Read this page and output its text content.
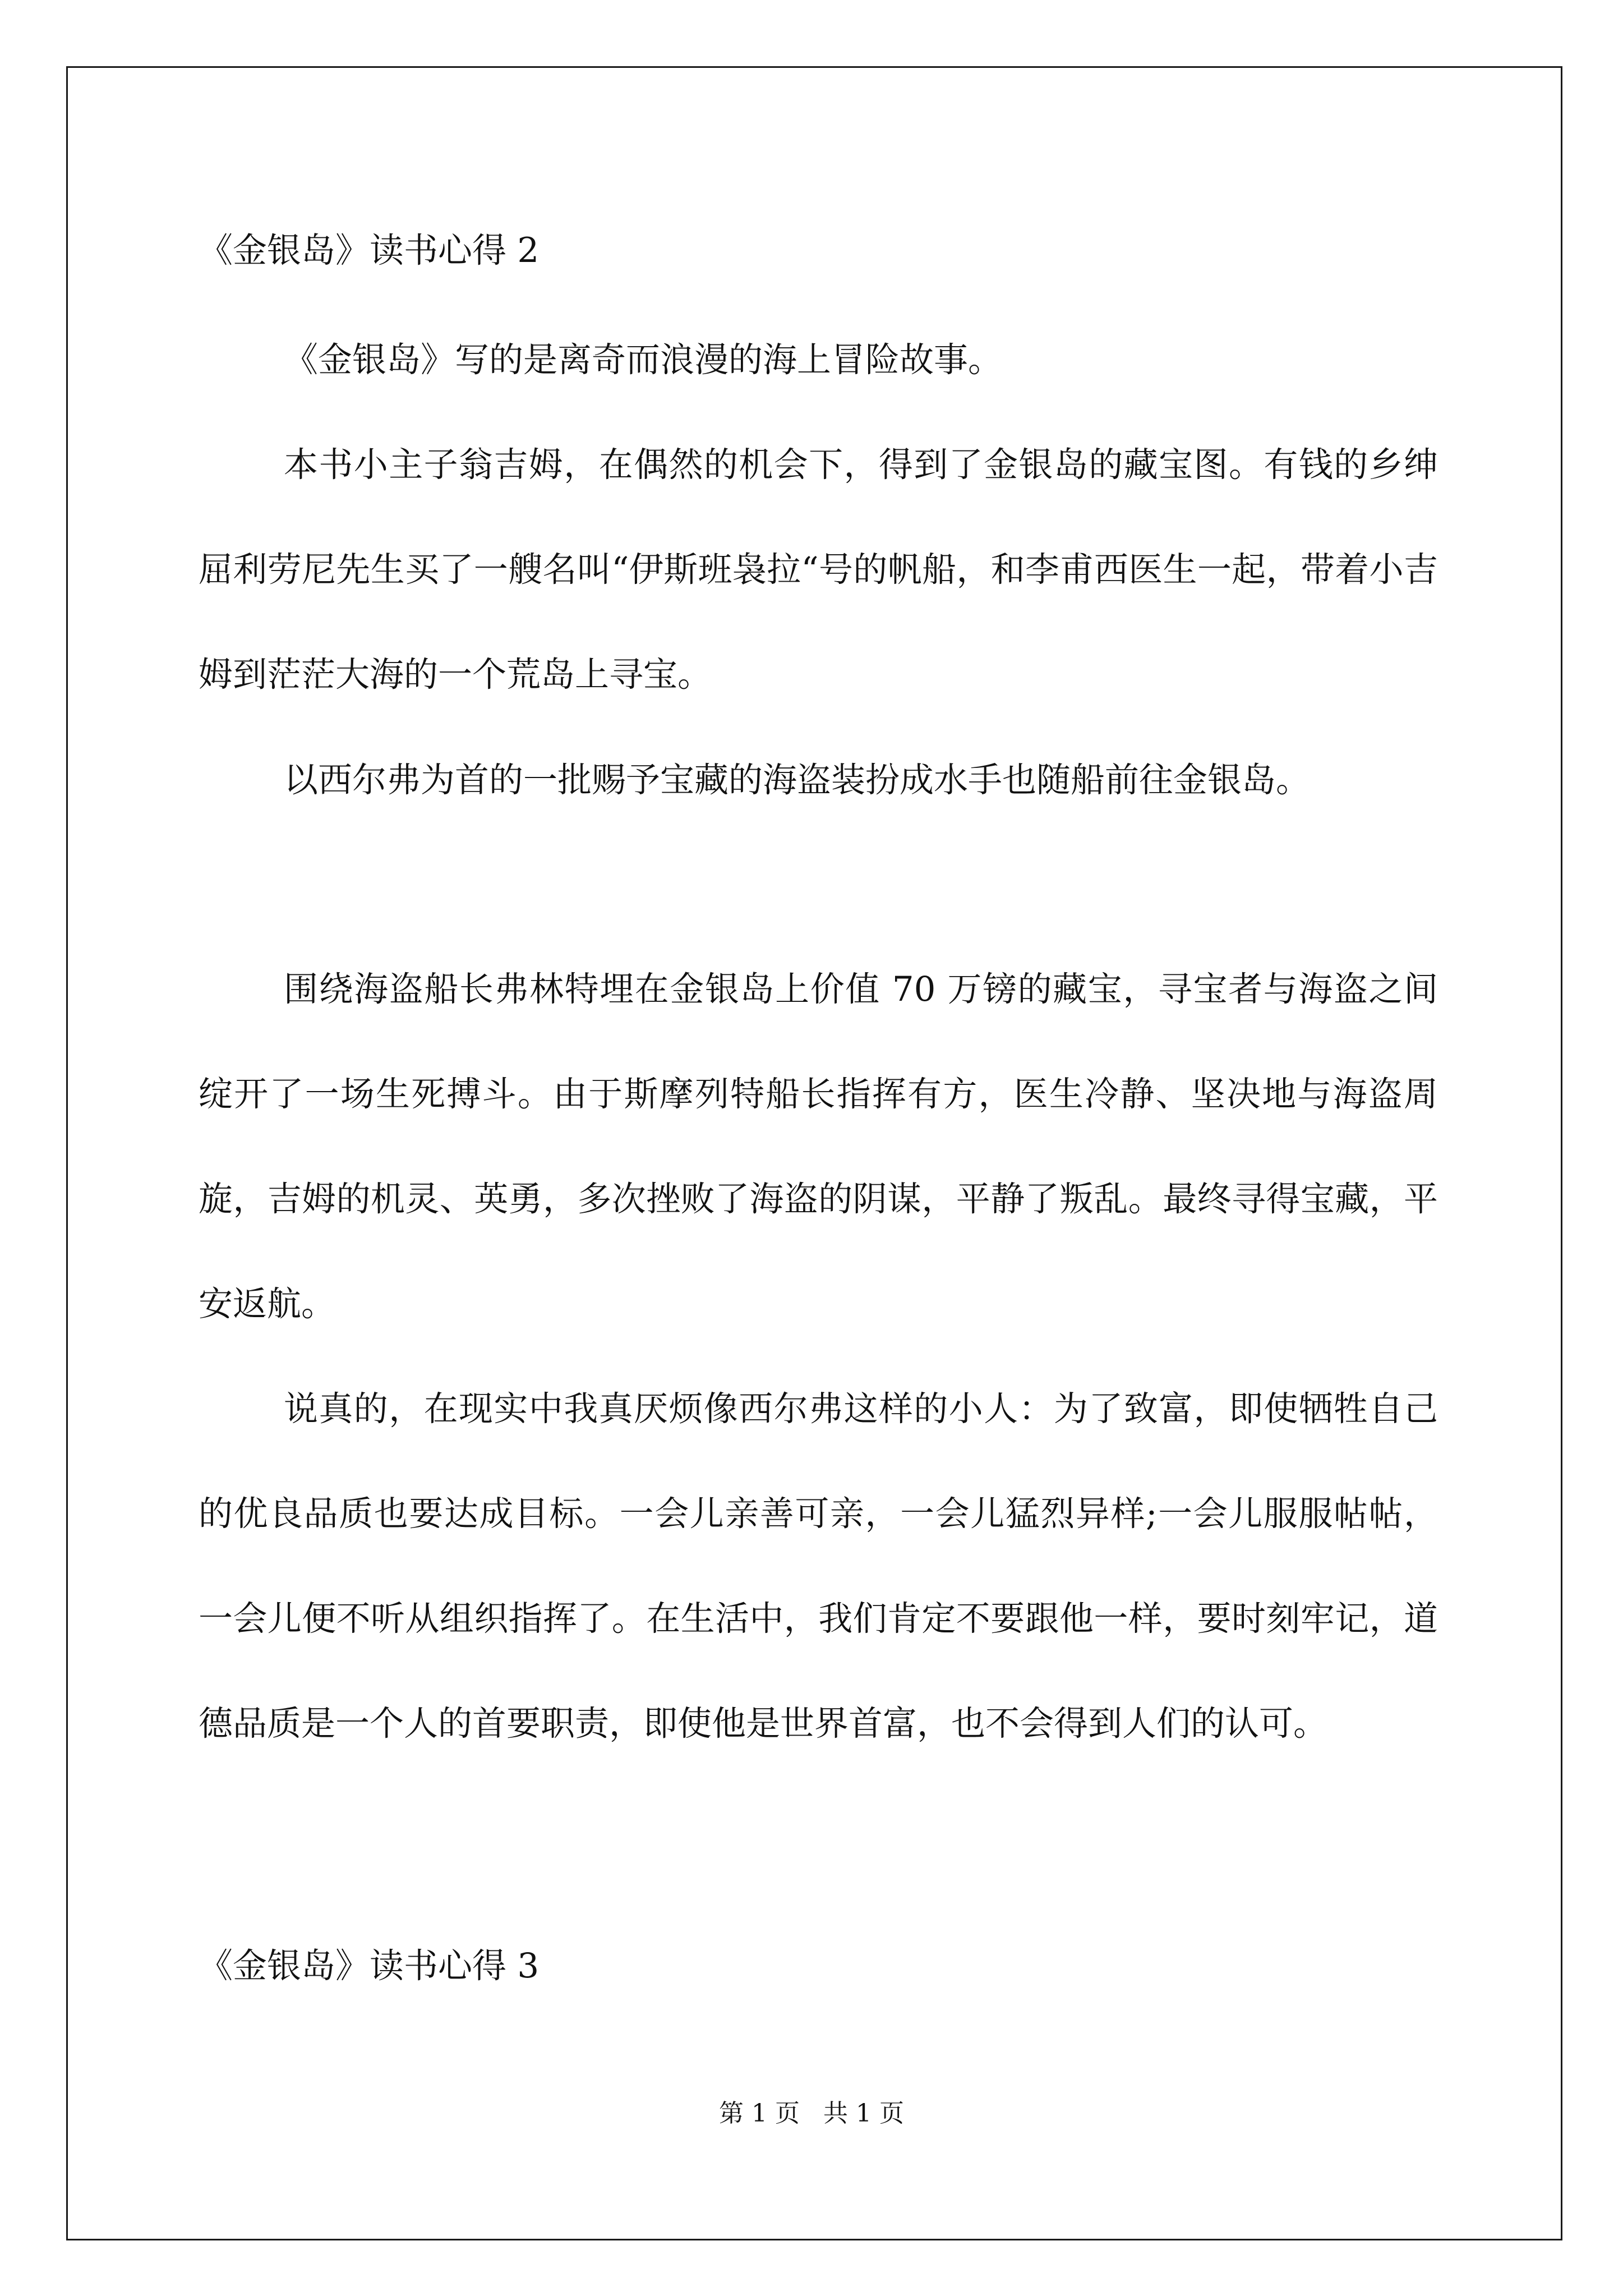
《金银岛》读书心得 2

《金银岛》写的是离奇而浪漫的海上冒险故事。

本书小主子翁吉姆，在偶然的机会下，得到了金银岛的藏宝图。有钱的乡绅屈利劳尼先生买了一艘名叫“伊斯班袅拉“号的帆船，和李甫西医生一起，带着小吉姆到茫茫大海的一个荒岛上寻宝。

以西尔弗为首的一批赐予宝藏的海盗装扮成水手也随船前往金银岛。

围绕海盗船长弗林特埋在金银岛上价值 70 万镑的藏宝，寻宝者与海盗之间绽开了一场生死搏斗。由于斯摩列特船长指挥有方，医生冷静、坚决地与海盗周旋，吉姆的机灵、英勇，多次挫败了海盗的阴谋，平静了叛乱。最终寻得宝藏，平安返航。

说真的，在现实中我真厌烦像西尔弗这样的小人：为了致富，即使牺牲自己的优良品质也要达成目标。一会儿亲善可亲，一会儿猛烈异样;一会儿服服帖帖，一会儿便不听从组织指挥了。在生活中，我们肯定不要跟他一样，要时刻牢记，道德品质是一个人的首要职责，即使他是世界首富，也不会得到人们的认可。

《金银岛》读书心得 3
第 1 页   共 1 页
